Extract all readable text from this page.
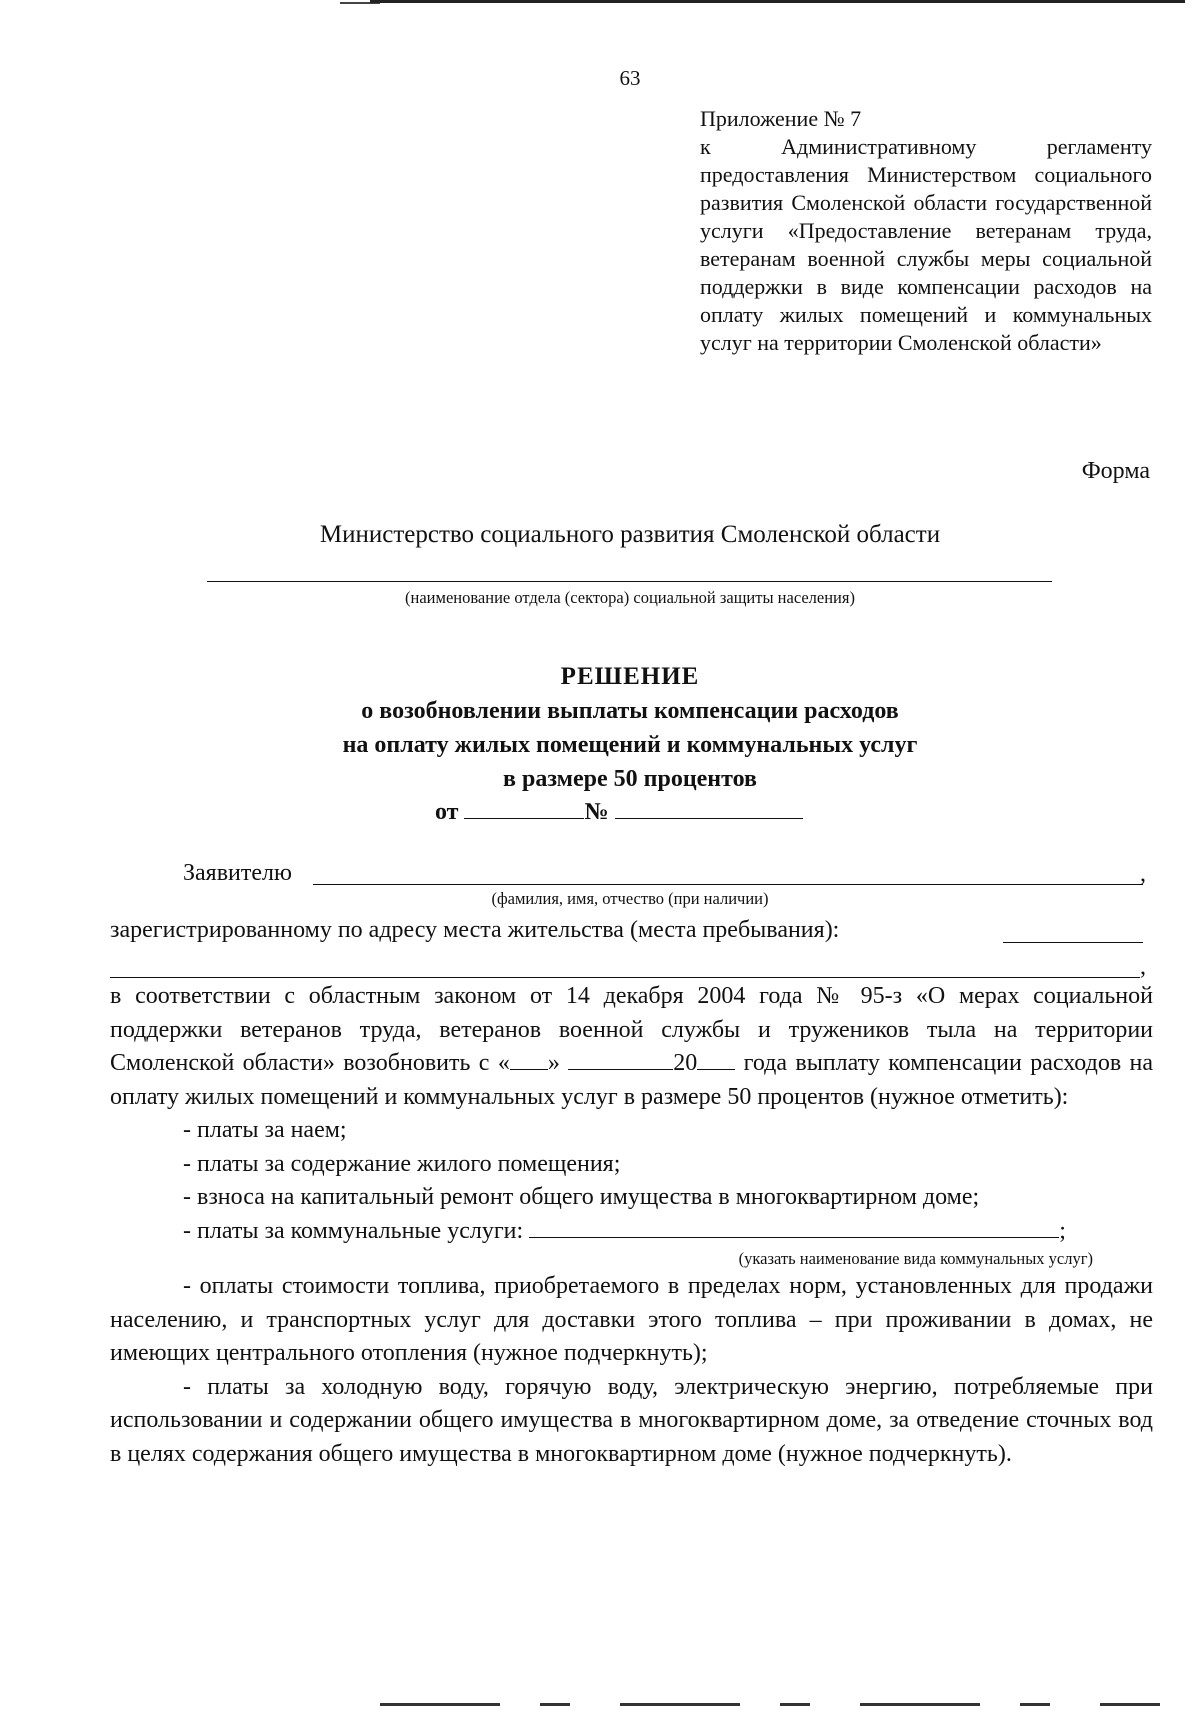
63
Приложение № 7
к Административному регламенту предоставления Министерством социального развития Смоленской области государственной услуги «Предоставление ветеранам труда, ветеранам военной службы меры социальной поддержки в виде компенсации расходов на оплату жилых помещений и коммунальных услуг на территории Смоленской области»
Форма
Министерство социального развития Смоленской области
(наименование отдела (сектора) социальной защиты населения)
РЕШЕНИЕ
о возобновлении выплаты компенсации расходов
на оплату жилых помещений и коммунальных услуг
в размере 50 процентов
от	№
Заявителю	,
(фамилия, имя, отчество (при наличии)
зарегистрированному по адресу места жительства (места пребывания):
,

в соответствии с областным законом от 14 декабря 2004 года № 95-з «О мерах социальной поддержки ветеранов труда, ветеранов военной службы и тружеников тыла на территории Смоленской области» возобновить с « »	20 года выплату компенсации расходов на оплату жилых помещений и коммунальных услуг в размере 50 процентов (нужное отметить):

- платы за наем;

- платы за содержание жилого помещения;

- взноса на капитальный ремонт общего имущества в многоквартирном доме;

- платы за коммунальные услуги:	;

(указать наименование вида коммунальных услуг)

- оплаты стоимости топлива, приобретаемого в пределах норм, установленных для продажи населению, и транспортных услуг для доставки этого топлива – при проживании в домах, не имеющих центрального отопления (нужное подчеркнуть);

- платы за холодную воду, горячую воду, электрическую энергию, потребляемые при использовании и содержании общего имущества в многоквартирном доме, за отведение сточных вод в целях содержания общего имущества в многоквартирном доме (нужное подчеркнуть).
